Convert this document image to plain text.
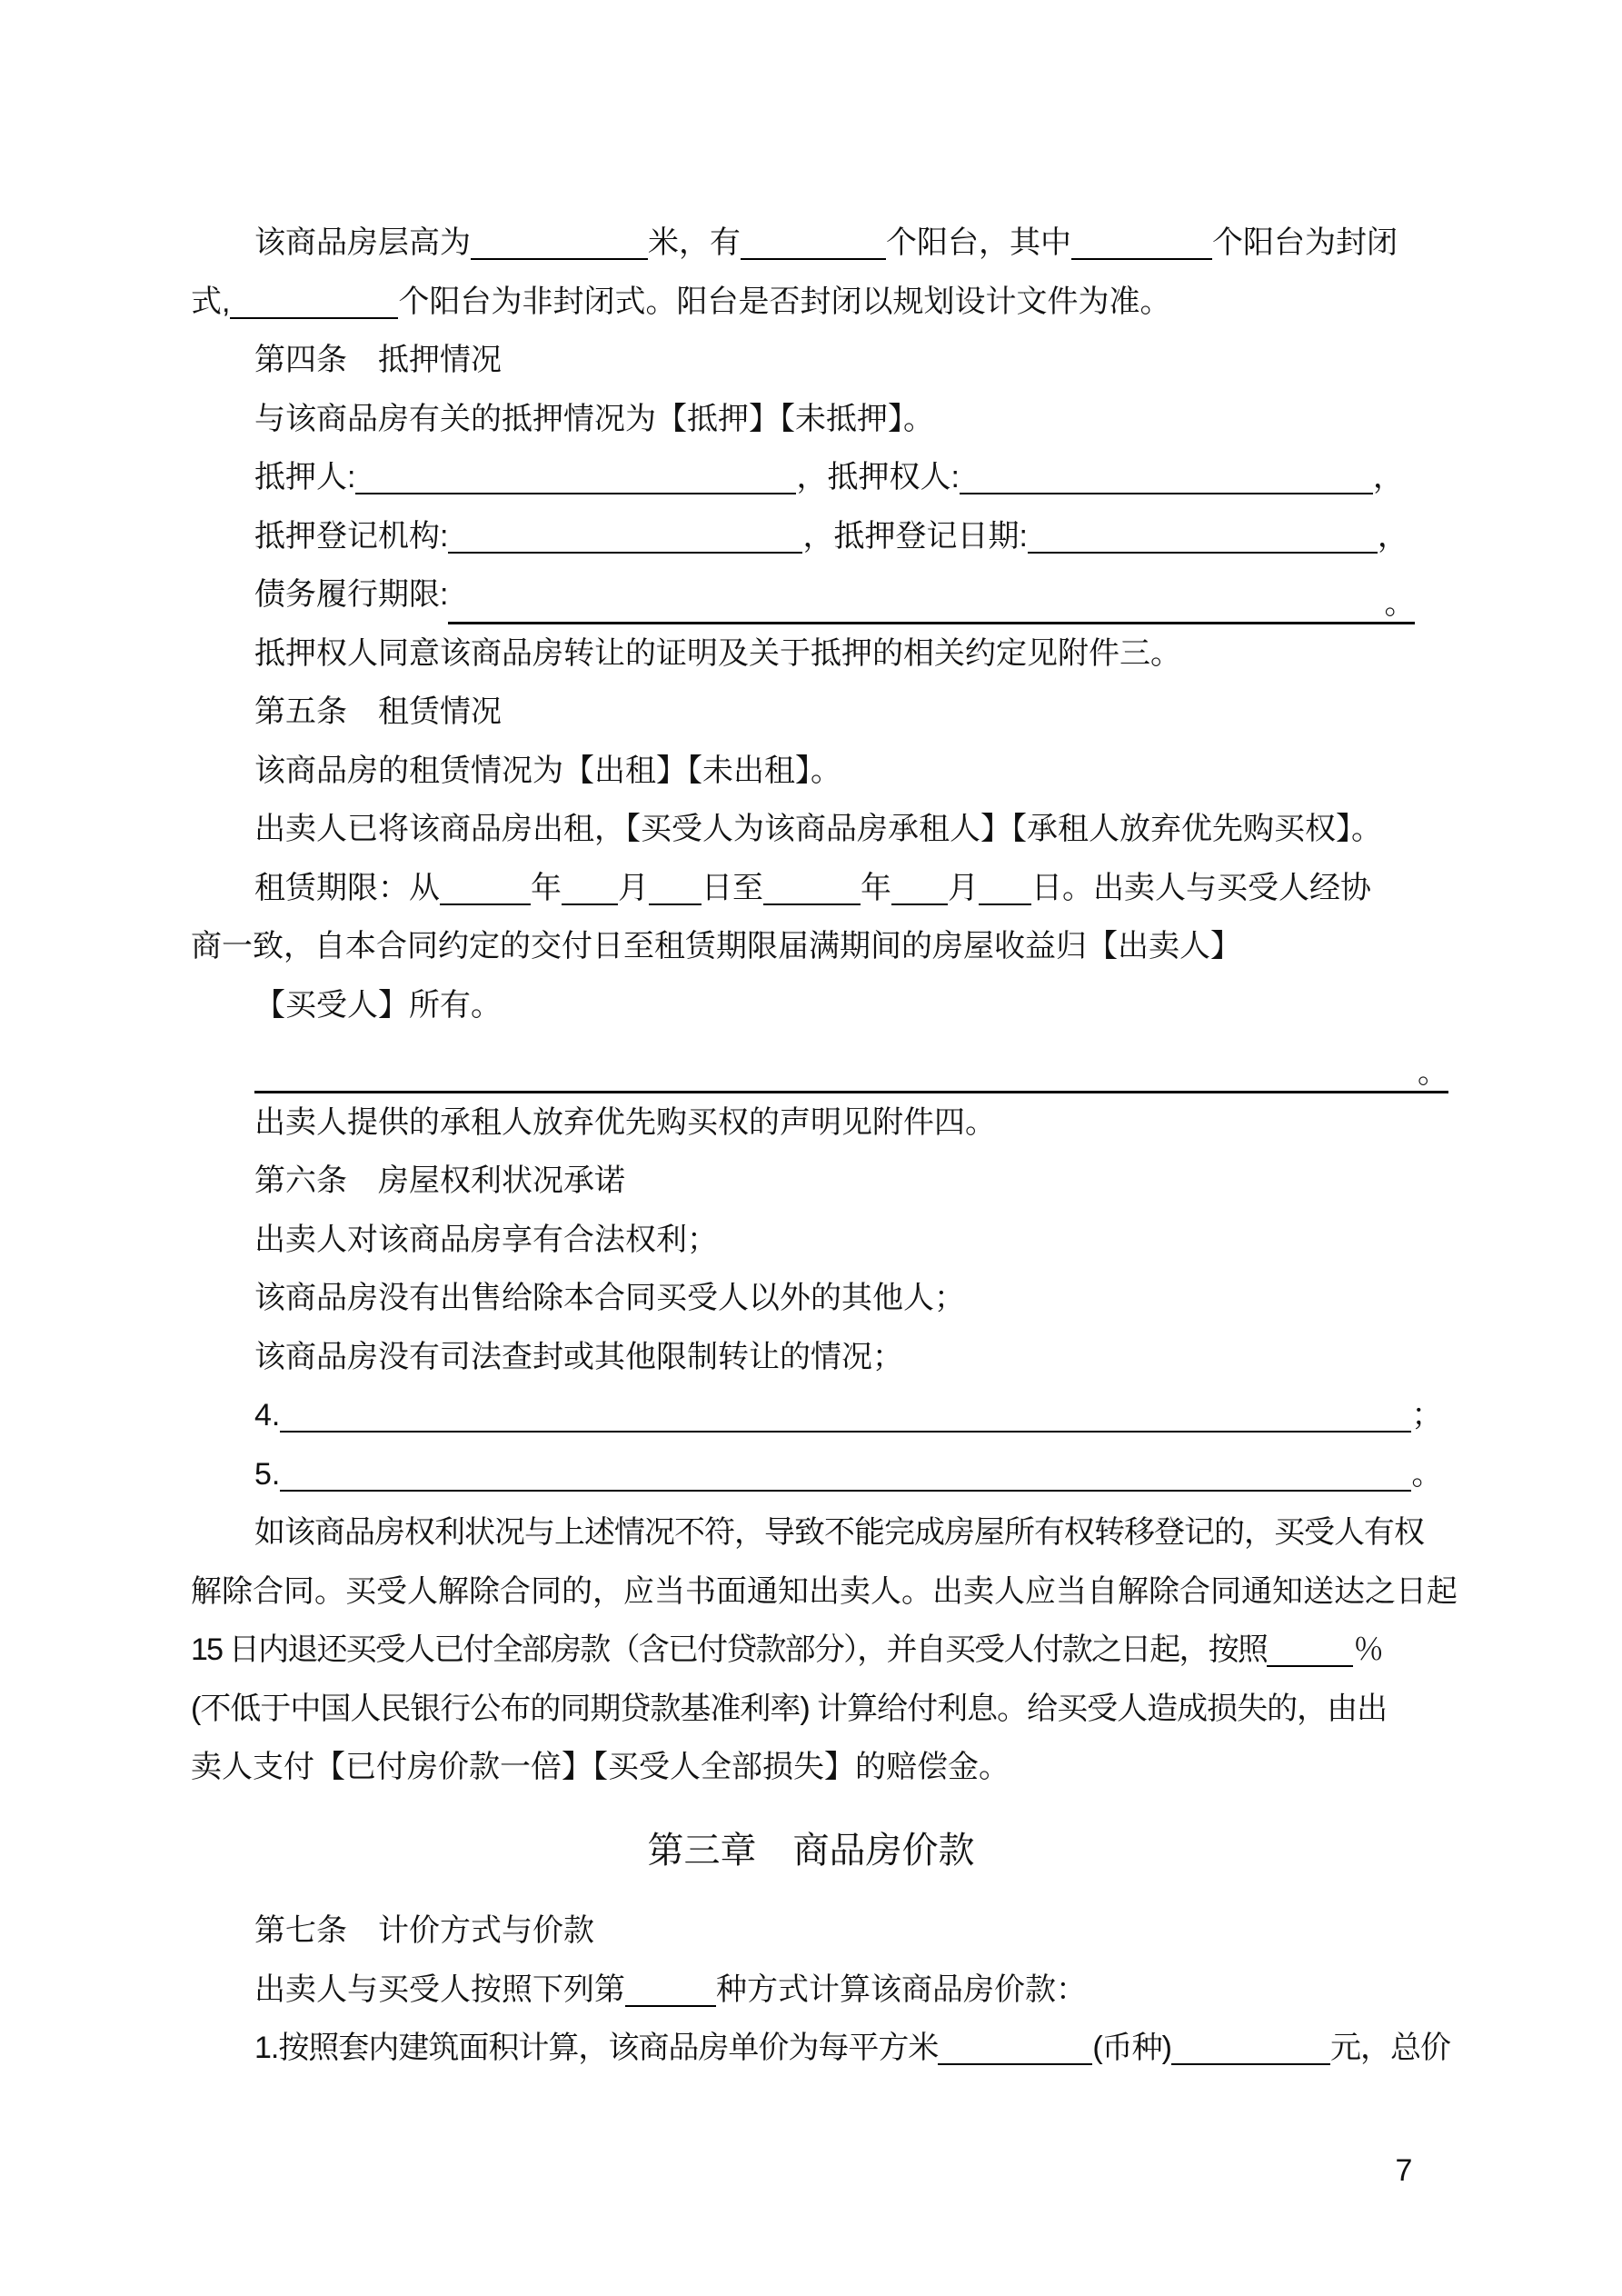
该商品房层高为	米，有	个阳台，其中	个阳台为封闭

式,	个阳台为非封闭式。阳台是否封闭以规划设计文件为准。

第四条　抵押情况

与该商品房有关的抵押情况为【抵押】【未抵押】。

抵押人:	，抵押权人:	，

抵押登记机构:	，抵押登记日期:	，

债务履行期限:	。

抵押权人同意该商品房转让的证明及关于抵押的相关约定见附件三。

第五条　租赁情况

该商品房的租赁情况为【出租】【未出租】。

出卖人已将该商品房出租，【买受人为该商品房承租人】【承租人放弃优先购买权】。

租赁期限：从	年 月 日至	年 月 日。出卖人与买受人经协

商一致，自本合同约定的交付日至租赁期限届满期间的房屋收益归【出卖人】

【买受人】所有。

。

出卖人提供的承租人放弃优先购买权的声明见附件四。

第六条　房屋权利状况承诺

出卖人对该商品房享有合法权利；

该商品房没有出售给除本合同买受人以外的其他人；

该商品房没有司法查封或其他限制转让的情况；

4.	；

5.	。

如该商品房权利状况与上述情况不符，导致不能完成房屋所有权转移登记的，买受人有权

解除合同。买受人解除合同的，应当书面通知出卖人。出卖人应当自解除合同通知送达之日起

15 日内退还买受人已付全部房款（含已付贷款部分），并自买受人付款之日起，按照	％

(不低于中国人民银行公布的同期贷款基准利率) 计算给付利息。给买受人造成损失的，由出

卖人支付【已付房价款一倍】【买受人全部损失】的赔偿金。

第三章　商品房价款

第七条　计价方式与价款

出卖人与买受人按照下列第	种方式计算该商品房价款：

1.按照套内建筑面积计算，该商品房单价为每平方米	(币种)	元，总价

7
